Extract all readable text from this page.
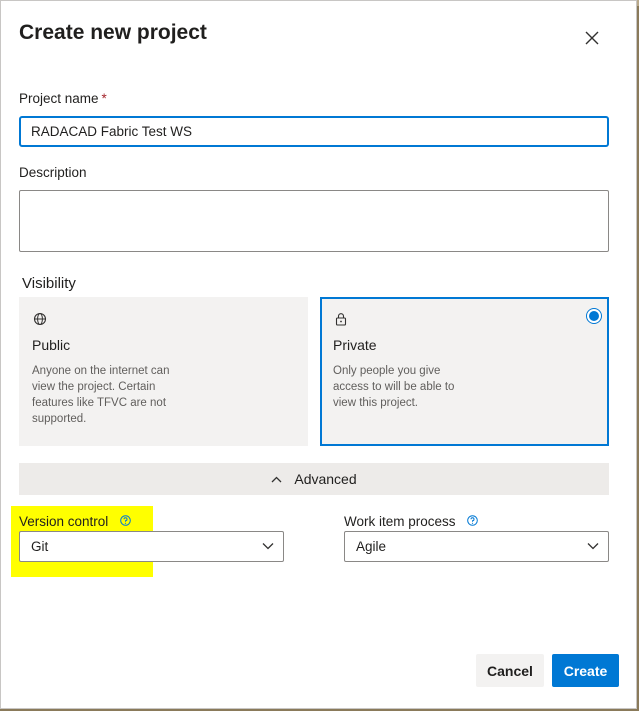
Create new project
Project name *
RADACAD Fabric Test WS
Description
Visibility
Public
Anyone on the internet can view the project. Certain features like TFVC are not supported.
Private
Only people you give access to will be able to view this project.
Advanced
Version control
Git
Work item process
Agile
Cancel	Create
